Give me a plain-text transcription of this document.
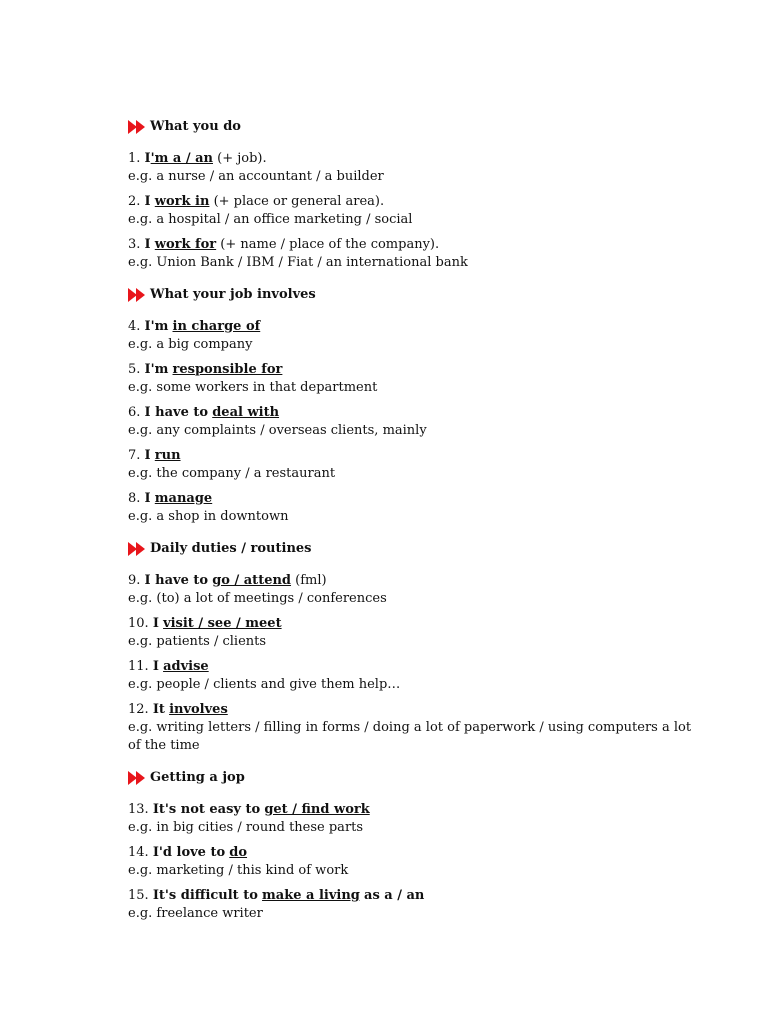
What you do
1. I'm a / an (+ job).
e.g. a nurse / an accountant / a builder
2. I work in (+ place or general area).
e.g. a hospital / an office marketing / social
3. I work for (+ name / place of the company).
e.g. Union Bank / IBM / Fiat / an international bank
What your job involves
4. I'm in charge of
e.g. a big company
5. I'm responsible for
e.g. some workers in that department
6. I have to deal with
e.g. any complaints / overseas clients, mainly
7. I run
e.g. the company / a restaurant
8. I manage
e.g. a shop in downtown
Daily duties / routines
9. I have to go / attend (fml)
e.g. (to) a lot of meetings / conferences
10. I visit / see / meet
e.g. patients / clients
11. I advise
e.g. people / clients and give them help…
12. It involves
e.g. writing letters / filling in forms / doing a lot of paperwork / using computers a lot of the time
Getting a jop
13. It's not easy to get / find work
e.g. in big cities / round these parts
14. I'd love to do
e.g. marketing / this kind of work
15. It's difficult to make a living as a / an
e.g. freelance writer
